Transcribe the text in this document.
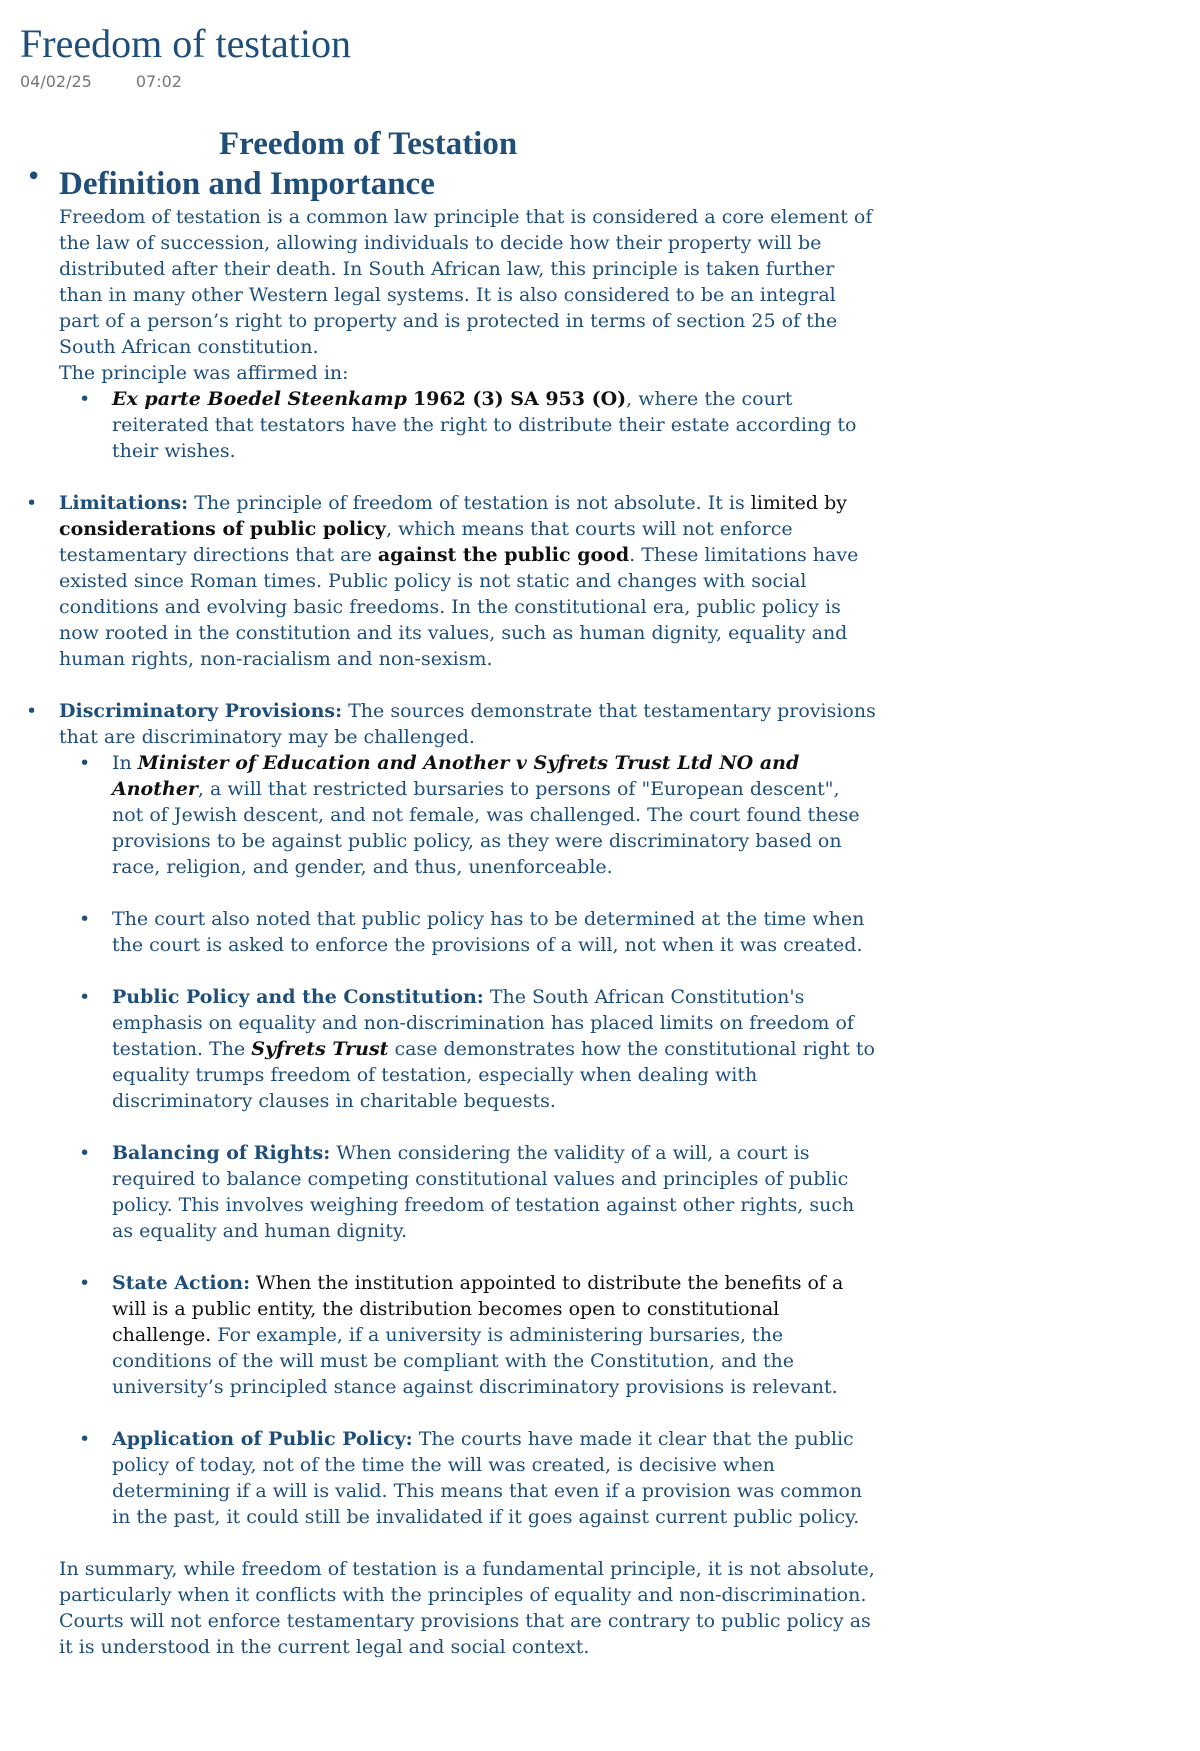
Freedom of testation
04/02/25	07:02
Freedom of Testation
• Definition and Importance
Freedom of testation is a common law principle that is considered a core element of the law of succession, allowing individuals to decide how their property will be distributed after their death. In South African law, this principle is taken further than in many other Western legal systems. It is also considered to be an integral part of a person’s right to property and is protected in terms of section 25 of the South African constitution.
The principle was affirmed in:
• Ex parte Boedel Steenkamp 1962 (3) SA 953 (O), where the court reiterated that testators have the right to distribute their estate according to their wishes.
• Limitations: The principle of freedom of testation is not absolute. It is limited by considerations of public policy, which means that courts will not enforce testamentary directions that are against the public good. These limitations have existed since Roman times. Public policy is not static and changes with social conditions and evolving basic freedoms. In the constitutional era, public policy is now rooted in the constitution and its values, such as human dignity, equality and human rights, non-racialism and non-sexism.
• Discriminatory Provisions: The sources demonstrate that testamentary provisions that are discriminatory may be challenged.
• In Minister of Education and Another v Syfrets Trust Ltd NO and Another, a will that restricted bursaries to persons of "European descent", not of Jewish descent, and not female, was challenged. The court found these provisions to be against public policy, as they were discriminatory based on race, religion, and gender, and thus, unenforceable.
• The court also noted that public policy has to be determined at the time when the court is asked to enforce the provisions of a will, not when it was created.
• Public Policy and the Constitution: The South African Constitution's emphasis on equality and non-discrimination has placed limits on freedom of testation. The Syfrets Trust case demonstrates how the constitutional right to equality trumps freedom of testation, especially when dealing with discriminatory clauses in charitable bequests.
• Balancing of Rights: When considering the validity of a will, a court is required to balance competing constitutional values and principles of public policy. This involves weighing freedom of testation against other rights, such as equality and human dignity.
• State Action: When the institution appointed to distribute the benefits of a will is a public entity, the distribution becomes open to constitutional challenge. For example, if a university is administering bursaries, the conditions of the will must be compliant with the Constitution, and the university’s principled stance against discriminatory provisions is relevant.
• Application of Public Policy: The courts have made it clear that the public policy of today, not of the time the will was created, is decisive when determining if a will is valid. This means that even if a provision was common in the past, it could still be invalidated if it goes against current public policy.
In summary, while freedom of testation is a fundamental principle, it is not absolute, particularly when it conflicts with the principles of equality and non-discrimination. Courts will not enforce testamentary provisions that are contrary to public policy as it is understood in the current legal and social context.
